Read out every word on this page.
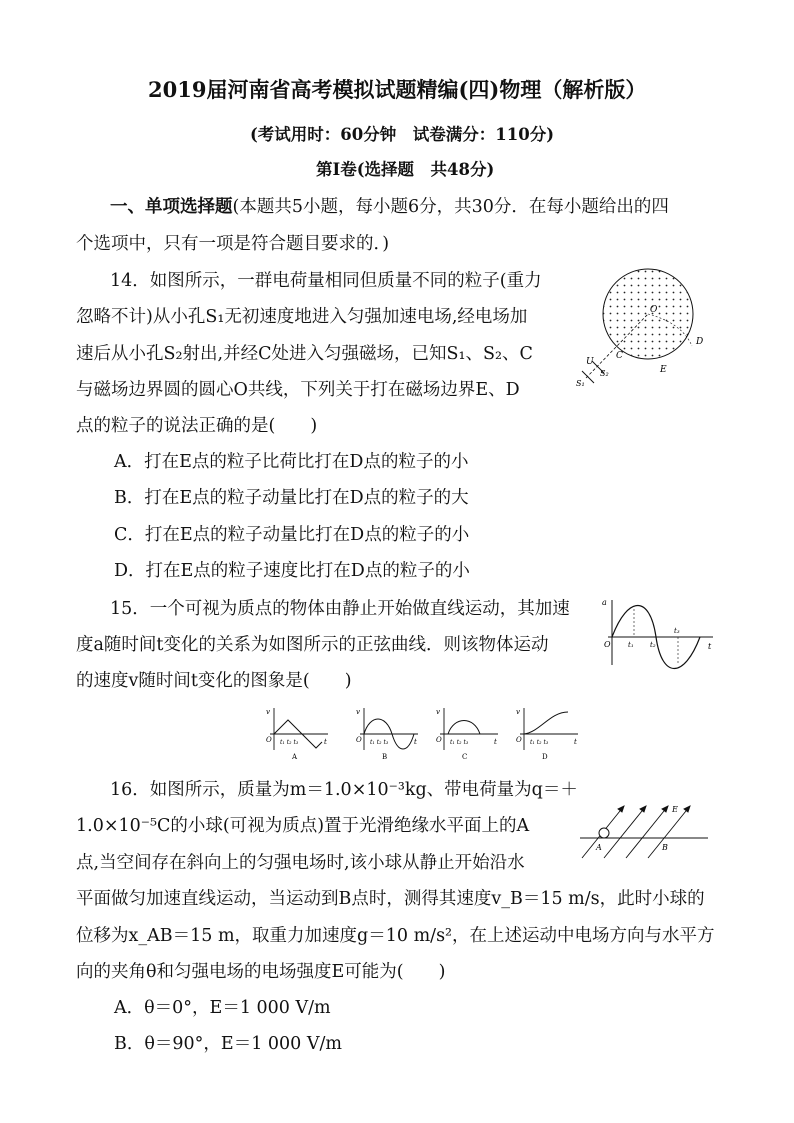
2019届河南省高考模拟试题精编(四)物理（解析版）
(考试用时：60分钟　试卷满分：110分)
第Ⅰ卷(选择题　共48分)
一、单项选择题(本题共5小题，每小题6分，共30分．在每小题给出的四
个选项中，只有一项是符合题目要求的．)
14．如图所示，一群电荷量相同但质量不同的粒子(重力
忽略不计)从小孔S₁无初速度地进入匀强加速电场,经电场加
速后从小孔S₂射出,并经C处进入匀强磁场，已知S₁、S₂、C
与磁场边界圆的圆心O共线，下列关于打在磁场边界E、D
点的粒子的说法正确的是(　　)
A．打在E点的粒子比荷比打在D点的粒子的小
B．打在E点的粒子动量比打在D点的粒子的大
C．打在E点的粒子动量比打在D点的粒子的小
D．打在E点的粒子速度比打在D点的粒子的小
O
C
D
E
U
S₁
S₂
15．一个可视为质点的物体由静止开始做直线运动，其加速
度a随时间t变化的关系为如图所示的正弦曲线．则该物体运动
的速度v随时间t变化的图象是(　　)
a
O	t
t₁ t₂
t₃
v
O	t
t₁ t₂ t₃
A
v
O	t
t₁ t₂ t₃
B
v
O	t
t₁ t₂ t₃
C
v
O	t
t₁ t₂ t₃
D
16．如图所示，质量为m＝1.0×10⁻³kg、带电荷量为q＝＋
1.0×10⁻⁵C的小球(可视为质点)置于光滑绝缘水平面上的A
点,当空间存在斜向上的匀强电场时,该小球从静止开始沿水
平面做匀加速直线运动，当运动到B点时，测得其速度v_B＝15 m/s，此时小球的
位移为x_AB＝15 m，取重力加速度g＝10 m/s²，在上述运动中电场方向与水平方
向的夹角θ和匀强电场的电场强度E可能为(　　)
A．θ＝0°，E＝1 000 V/m
B．θ＝90°，E＝1 000 V/m
A	B
E
